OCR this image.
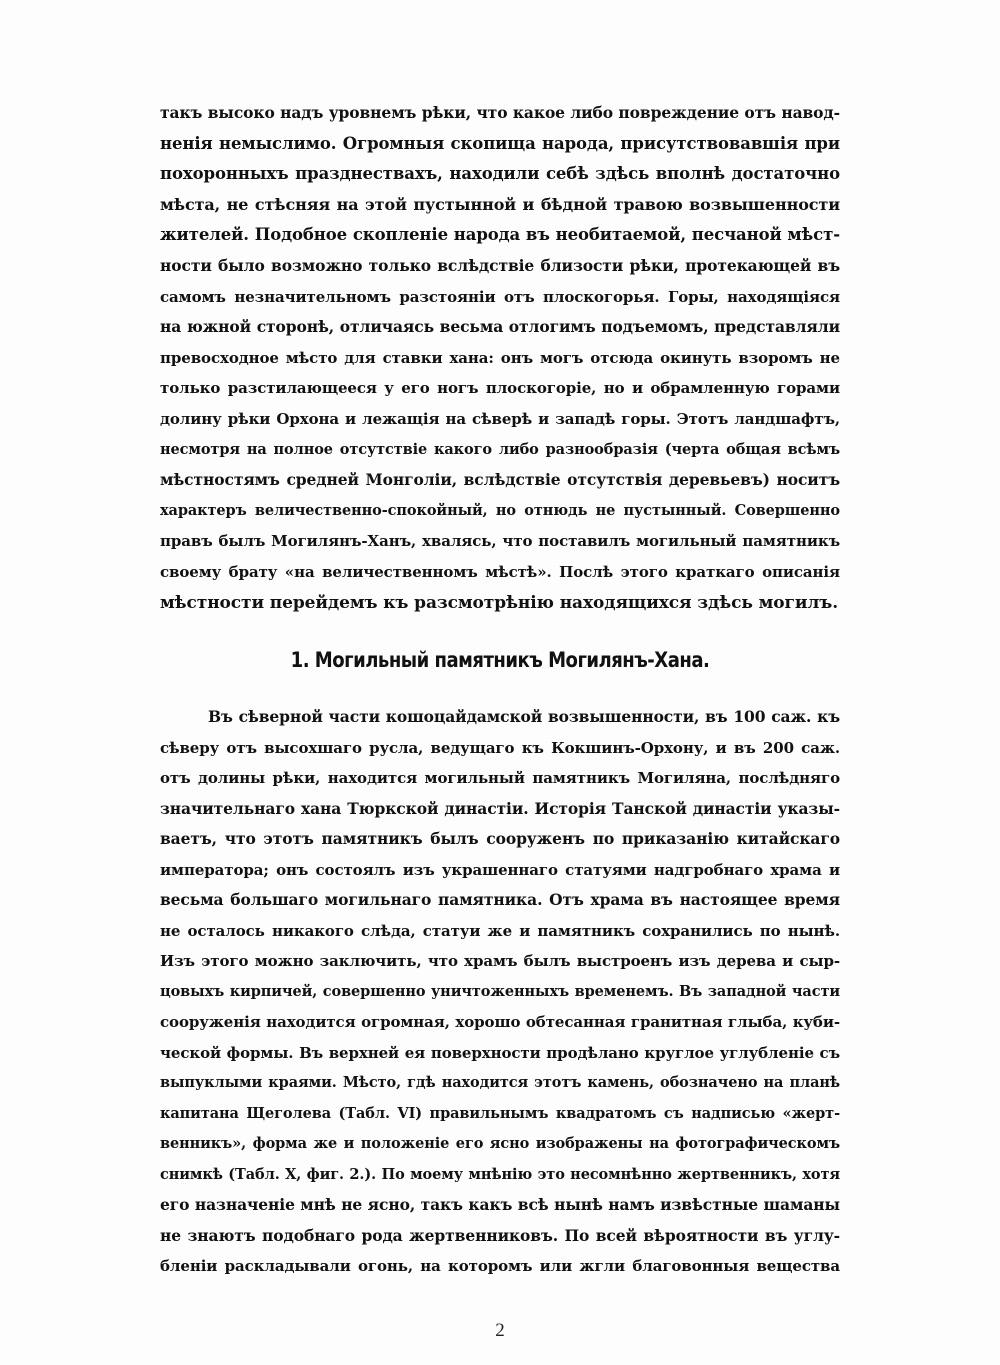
такъ высоко надъ уровнемъ рѣки, что какое либо повреждение отъ навод-
ненія немыслимо. Огромныя скопища народа, присутствовавшія при
похоронныхъ празднествахъ, находили себѣ здѣсь вполнѣ достаточно
мѣста, не стѣсняя на этой пустынной и бѣдной травою возвышенности
жителей. Подобное скопленіе народа въ необитаемой, песчаной мѣст-
ности было возможно только вслѣдствіе близости рѣки, протекающей въ
самомъ незначительномъ разстояніи отъ плоскогорья. Горы, находящіяся
на южной сторонѣ, отличаясь весьма отлогимъ подъемомъ, представляли
превосходное мѣсто для ставки хана: онъ могъ отсюда окинуть взоромъ не
только разстилающееся у его ногъ плоскогоріе, но и обрамленную горами
долину рѣки Орхона и лежащія на сѣверѣ и западѣ горы. Этотъ ландшафтъ,
несмотря на полное отсутствіе какого либо разнообразія (черта общая всѣмъ
мѣстностямъ средней Монголіи, вслѣдствіе отсутствія деревьевъ) носитъ
характеръ величественно-спокойный, но отнюдь не пустынный. Совершенно
правъ былъ Могилянъ-Ханъ, хвалясь, что поставилъ могильный памятникъ
своему брату «на величественномъ мѣстѣ». Послѣ этого краткаго описанія
мѣстности перейдемъ къ разсмотрѣнію находящихся здѣсь могилъ.
1. Могильный памятникъ Могилянъ-Хана.
Въ сѣверной части кошоцайдамской возвышенности, въ 100 саж. къ
сѣверу отъ высохшаго русла, ведущаго къ Кокшинъ-Орхону, и въ 200 саж.
отъ долины рѣки, находится могильный памятникъ Могиляна, послѣдняго
значительнаго хана Тюркской династіи. Исторія Танской династіи указы-
ваетъ, что этотъ памятникъ былъ сооруженъ по приказанію китайскаго
императора; онъ состоялъ изъ украшеннаго статуями надгробнаго храма и
весьма большаго могильнаго памятника. Отъ храма въ настоящее время
не осталось никакого слѣда, статуи же и памятникъ сохранились по нынѣ.
Изъ этого можно заключить, что храмъ былъ выстроенъ изъ дерева и сыр-
цовыхъ кирпичей, совершенно уничтоженныхъ временемъ. Въ западной части
сооруженія находится огромная, хорошо обтесанная гранитная глыба, куби-
ческой формы. Въ верхней ея поверхности продѣлано круглое углубленіе съ
выпуклыми краями. Мѣсто, гдѣ находится этотъ камень, обозначено на планѣ
капитана Щеголева (Табл. VI) правильнымъ квадратомъ съ надписью «жерт-
венникъ», форма же и положеніе его ясно изображены на фотографическомъ
снимкѣ (Табл. X, фиг. 2.). По моему мнѣнію это несомнѣнно жертвенникъ, хотя
его назначеніе мнѣ не ясно, такъ какъ всѣ нынѣ намъ извѣстные шаманы
не знаютъ подобнаго рода жертвенниковъ. По всей вѣроятности въ углу-
бленіи раскладывали огонь, на которомъ или жгли благовонныя вещества
2
